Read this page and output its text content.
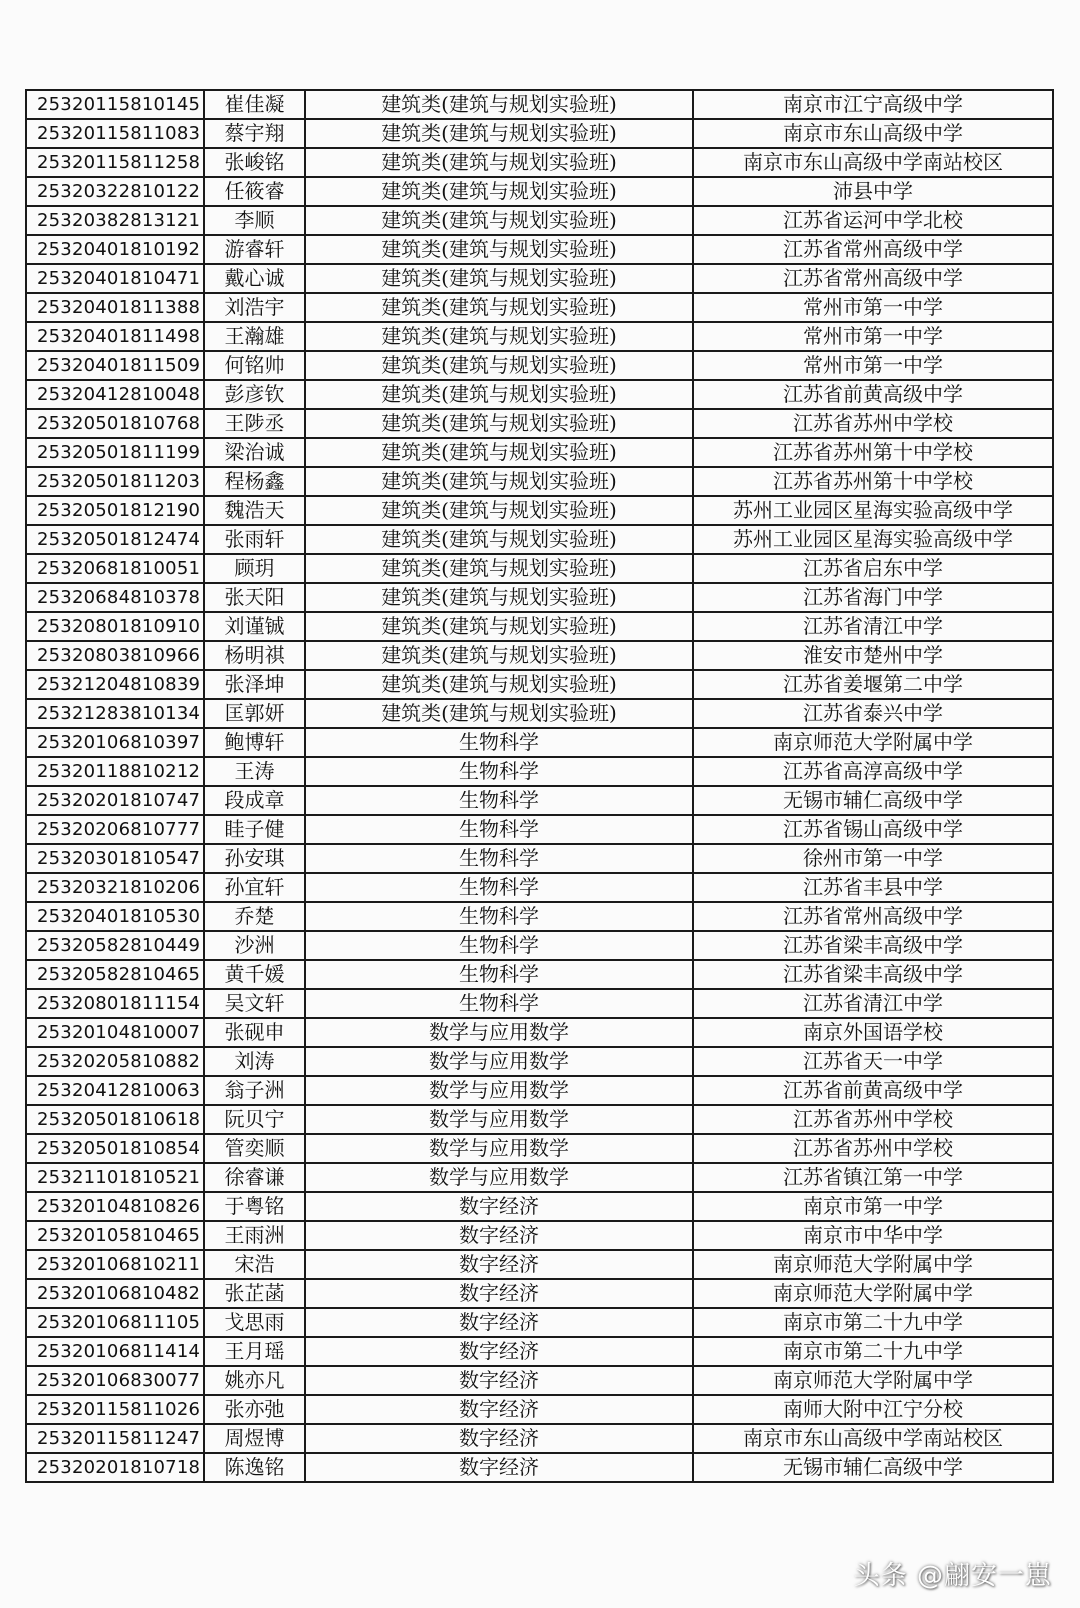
25320115810145	崔佳凝	建筑类(建筑与规划实验班)	南京市江宁高级中学
25320115811083	蔡宇翔	建筑类(建筑与规划实验班)	南京市东山高级中学
25320115811258	张峻铭	建筑类(建筑与规划实验班)	南京市东山高级中学南站校区
25320322810122	任筱睿	建筑类(建筑与规划实验班)	沛县中学
25320382813121	李顺	建筑类(建筑与规划实验班)	江苏省运河中学北校
25320401810192	游睿轩	建筑类(建筑与规划实验班)	江苏省常州高级中学
25320401810471	戴心诚	建筑类(建筑与规划实验班)	江苏省常州高级中学
25320401811388	刘浩宇	建筑类(建筑与规划实验班)	常州市第一中学
25320401811498	王瀚雄	建筑类(建筑与规划实验班)	常州市第一中学
25320401811509	何铭帅	建筑类(建筑与规划实验班)	常州市第一中学
25320412810048	彭彦钦	建筑类(建筑与规划实验班)	江苏省前黄高级中学
25320501810768	王陟丞	建筑类(建筑与规划实验班)	江苏省苏州中学校
25320501811199	梁治诚	建筑类(建筑与规划实验班)	江苏省苏州第十中学校
25320501811203	程杨鑫	建筑类(建筑与规划实验班)	江苏省苏州第十中学校
25320501812190	魏浩天	建筑类(建筑与规划实验班)	苏州工业园区星海实验高级中学
25320501812474	张雨轩	建筑类(建筑与规划实验班)	苏州工业园区星海实验高级中学
25320681810051	顾玥	建筑类(建筑与规划实验班)	江苏省启东中学
25320684810378	张天阳	建筑类(建筑与规划实验班)	江苏省海门中学
25320801810910	刘谨铖	建筑类(建筑与规划实验班)	江苏省清江中学
25320803810966	杨明祺	建筑类(建筑与规划实验班)	淮安市楚州中学
25321204810839	张泽坤	建筑类(建筑与规划实验班)	江苏省姜堰第二中学
25321283810134	匡郭妍	建筑类(建筑与规划实验班)	江苏省泰兴中学
25320106810397	鲍博轩	生物科学	南京师范大学附属中学
25320118810212	王涛	生物科学	江苏省高淳高级中学
25320201810747	段成章	生物科学	无锡市辅仁高级中学
25320206810777	眭子健	生物科学	江苏省锡山高级中学
25320301810547	孙安琪	生物科学	徐州市第一中学
25320321810206	孙宜轩	生物科学	江苏省丰县中学
25320401810530	乔楚	生物科学	江苏省常州高级中学
25320582810449	沙洲	生物科学	江苏省梁丰高级中学
25320582810465	黄千媛	生物科学	江苏省梁丰高级中学
25320801811154	吴文轩	生物科学	江苏省清江中学
25320104810007	张砚申	数学与应用数学	南京外国语学校
25320205810882	刘涛	数学与应用数学	江苏省天一中学
25320412810063	翁子洲	数学与应用数学	江苏省前黄高级中学
25320501810618	阮贝宁	数学与应用数学	江苏省苏州中学校
25320501810854	管奕顺	数学与应用数学	江苏省苏州中学校
25321101810521	徐睿谦	数学与应用数学	江苏省镇江第一中学
25320104810826	于粤铭	数字经济	南京市第一中学
25320105810465	王雨洲	数字经济	南京市中华中学
25320106810211	宋浩	数字经济	南京师范大学附属中学
25320106810482	张芷菡	数字经济	南京师范大学附属中学
25320106811105	戈思雨	数字经济	南京市第二十九中学
25320106811414	王月瑶	数字经济	南京市第二十九中学
25320106830077	姚亦凡	数字经济	南京师范大学附属中学
25320115811026	张亦弛	数字经济	南师大附中江宁分校
25320115811247	周煜博	数字经济	南京市东山高级中学南站校区
25320201810718	陈逸铭	数字经济	无锡市辅仁高级中学
头条 @翩安一崽
